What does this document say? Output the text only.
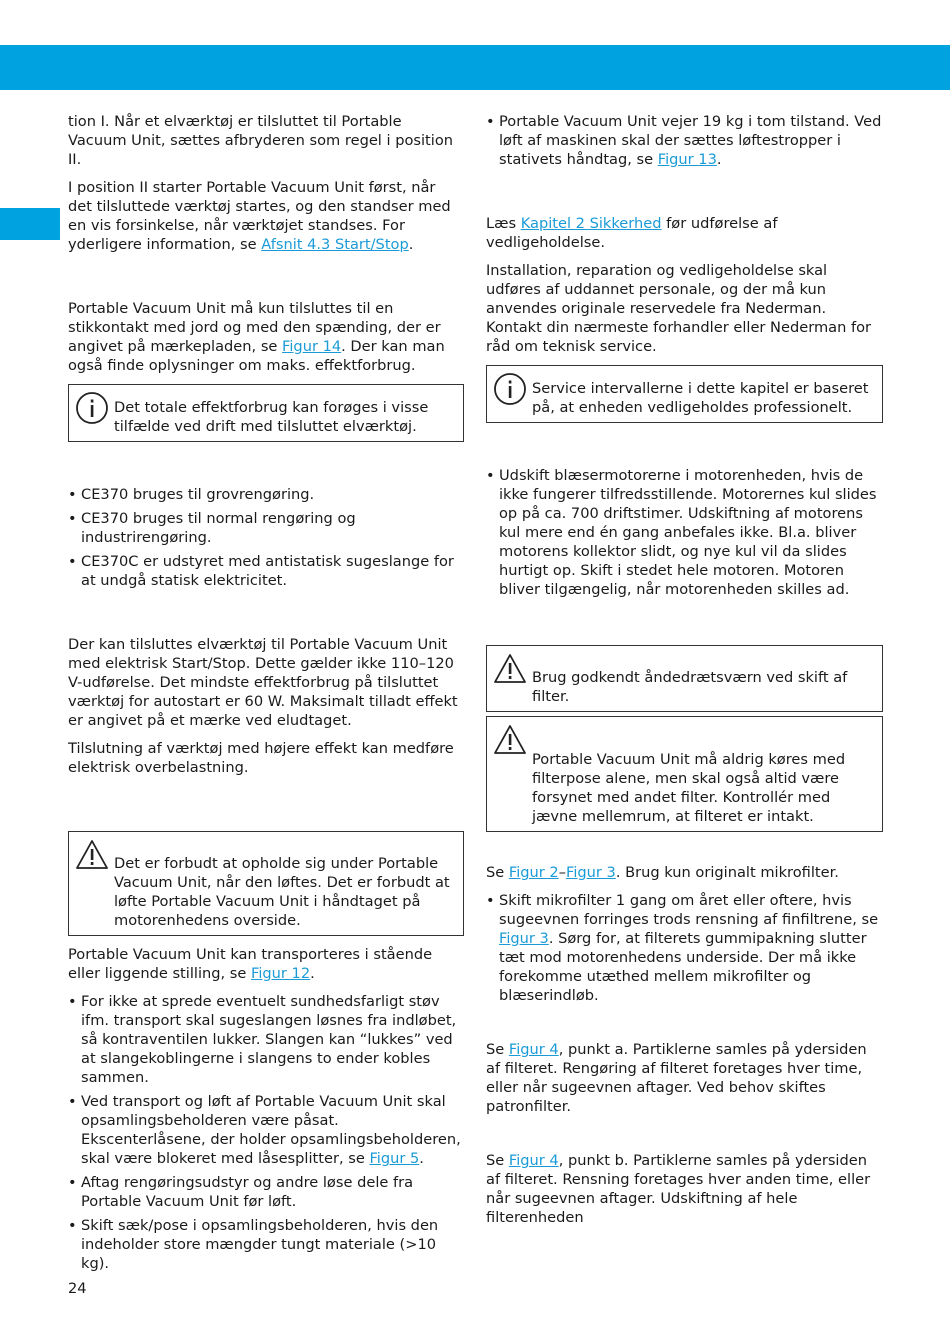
tion I. Når et elværktøj er tilsluttet til Portable Vacuum Unit, sættes afbryderen som regel i position II.

I position II starter Portable Vacuum Unit først, når det tilsluttede værktøj startes, og den standser med en vis forsinkelse, når værktøjet standses. For yderligere information, se Afsnit 4.3 Start/Stop.

Portable Vacuum Unit må kun tilsluttes til en stikkontakt med jord og med den spænding, der er angivet på mærkepladen, se Figur 14. Der kan man også finde oplysninger om maks. effektforbrug.

Det totale effektforbrug kan forøges i visse tilfælde ved drift med tilsluttet elværktøj.
• CE370 bruges til grovrengøring.
• CE370 bruges til normal rengøring og industrirengøring.
• CE370C er udstyret med antistatisk sugeslange for at undgå statisk elektricitet.

Der kan tilsluttes elværktøj til Portable Vacuum Unit med elektrisk Start/Stop. Dette gælder ikke 110–120 V-udførelse. Det mindste effektforbrug på tilsluttet værktøj for autostart er 60 W. Maksimalt tilladt effekt er angivet på et mærke ved eludtaget.

Tilslutning af værktøj med højere effekt kan medføre elektrisk overbelastning.

Det er forbudt at opholde sig under Portable Vacuum Unit, når den løftes. Det er forbudt at løfte Portable Vacuum Unit i håndtaget på motorenhedens overside.

Portable Vacuum Unit kan transporteres i stående eller liggende stilling, se Figur 12.

• For ikke at sprede eventuelt sundhedsfarligt støv ifm. transport skal sugeslangen løsnes fra indløbet, så kontraventilen lukker. Slangen kan “lukkes” ved at slangekoblingerne i slangens to ender kobles sammen.
• Ved transport og løft af Portable Vacuum Unit skal opsamlingsbeholderen være påsat. Ekscenterlåsene, der holder opsamlingsbeholderen, skal være blokeret med låsesplitter, se Figur 5.
• Aftag rengøringsudstyr og andre løse dele fra Portable Vacuum Unit før løft.
• Skift sæk/pose i opsamlingsbeholderen, hvis den indeholder store mængder tungt materiale (>10 kg).
• Portable Vacuum Unit vejer 19 kg i tom tilstand. Ved løft af maskinen skal der sættes løftestropper i stativets håndtag, se Figur 13.

Læs Kapitel 2 Sikkerhed før udførelse af vedligeholdelse.

Installation, reparation og vedligeholdelse skal udføres af uddannet personale, og der må kun anvendes originale reservedele fra Nederman. Kontakt din nærmeste forhandler eller Nederman for råd om teknisk service.

Service intervallerne i dette kapitel er baseret på, at enheden vedligeholdes professionelt.
• Udskift blæsermotorerne i motorenheden, hvis de ikke fungerer tilfredsstillende. Motorernes kul slides op på ca. 700 driftstimer. Udskiftning af motorens kul mere end én gang anbefales ikke. Bl.a. bliver motorens kollektor slidt, og nye kul vil da slides hurtigt op. Skift i stedet hele motoren. Motoren bliver tilgængelig, når motorenheden skilles ad.
Brug godkendt åndedrætsværn ved skift af filter.
Portable Vacuum Unit må aldrig køres med filterpose alene, men skal også altid være forsynet med andet filter. Kontrollér med jævne mellemrum, at filteret er intakt.

Se Figur 2–Figur 3. Brug kun originalt mikrofilter.

• Skift mikrofilter 1 gang om året eller oftere, hvis sugeevnen forringes trods rensning af finfiltrene, se Figur 3. Sørg for, at filterets gummipakning slutter tæt mod motorenhedens underside. Der må ikke forekomme utæthed mellem mikrofilter og blæserindløb.

Se Figur 4, punkt a. Partiklerne samles på ydersiden af filteret. Rengøring af filteret foretages hver time, eller når sugeevnen aftager. Ved behov skiftes patronfilter.

Se Figur 4, punkt b. Partiklerne samles på ydersiden af filteret. Rensning foretages hver anden time, eller når sugeevnen aftager. Udskiftning af hele filterenheden

24
